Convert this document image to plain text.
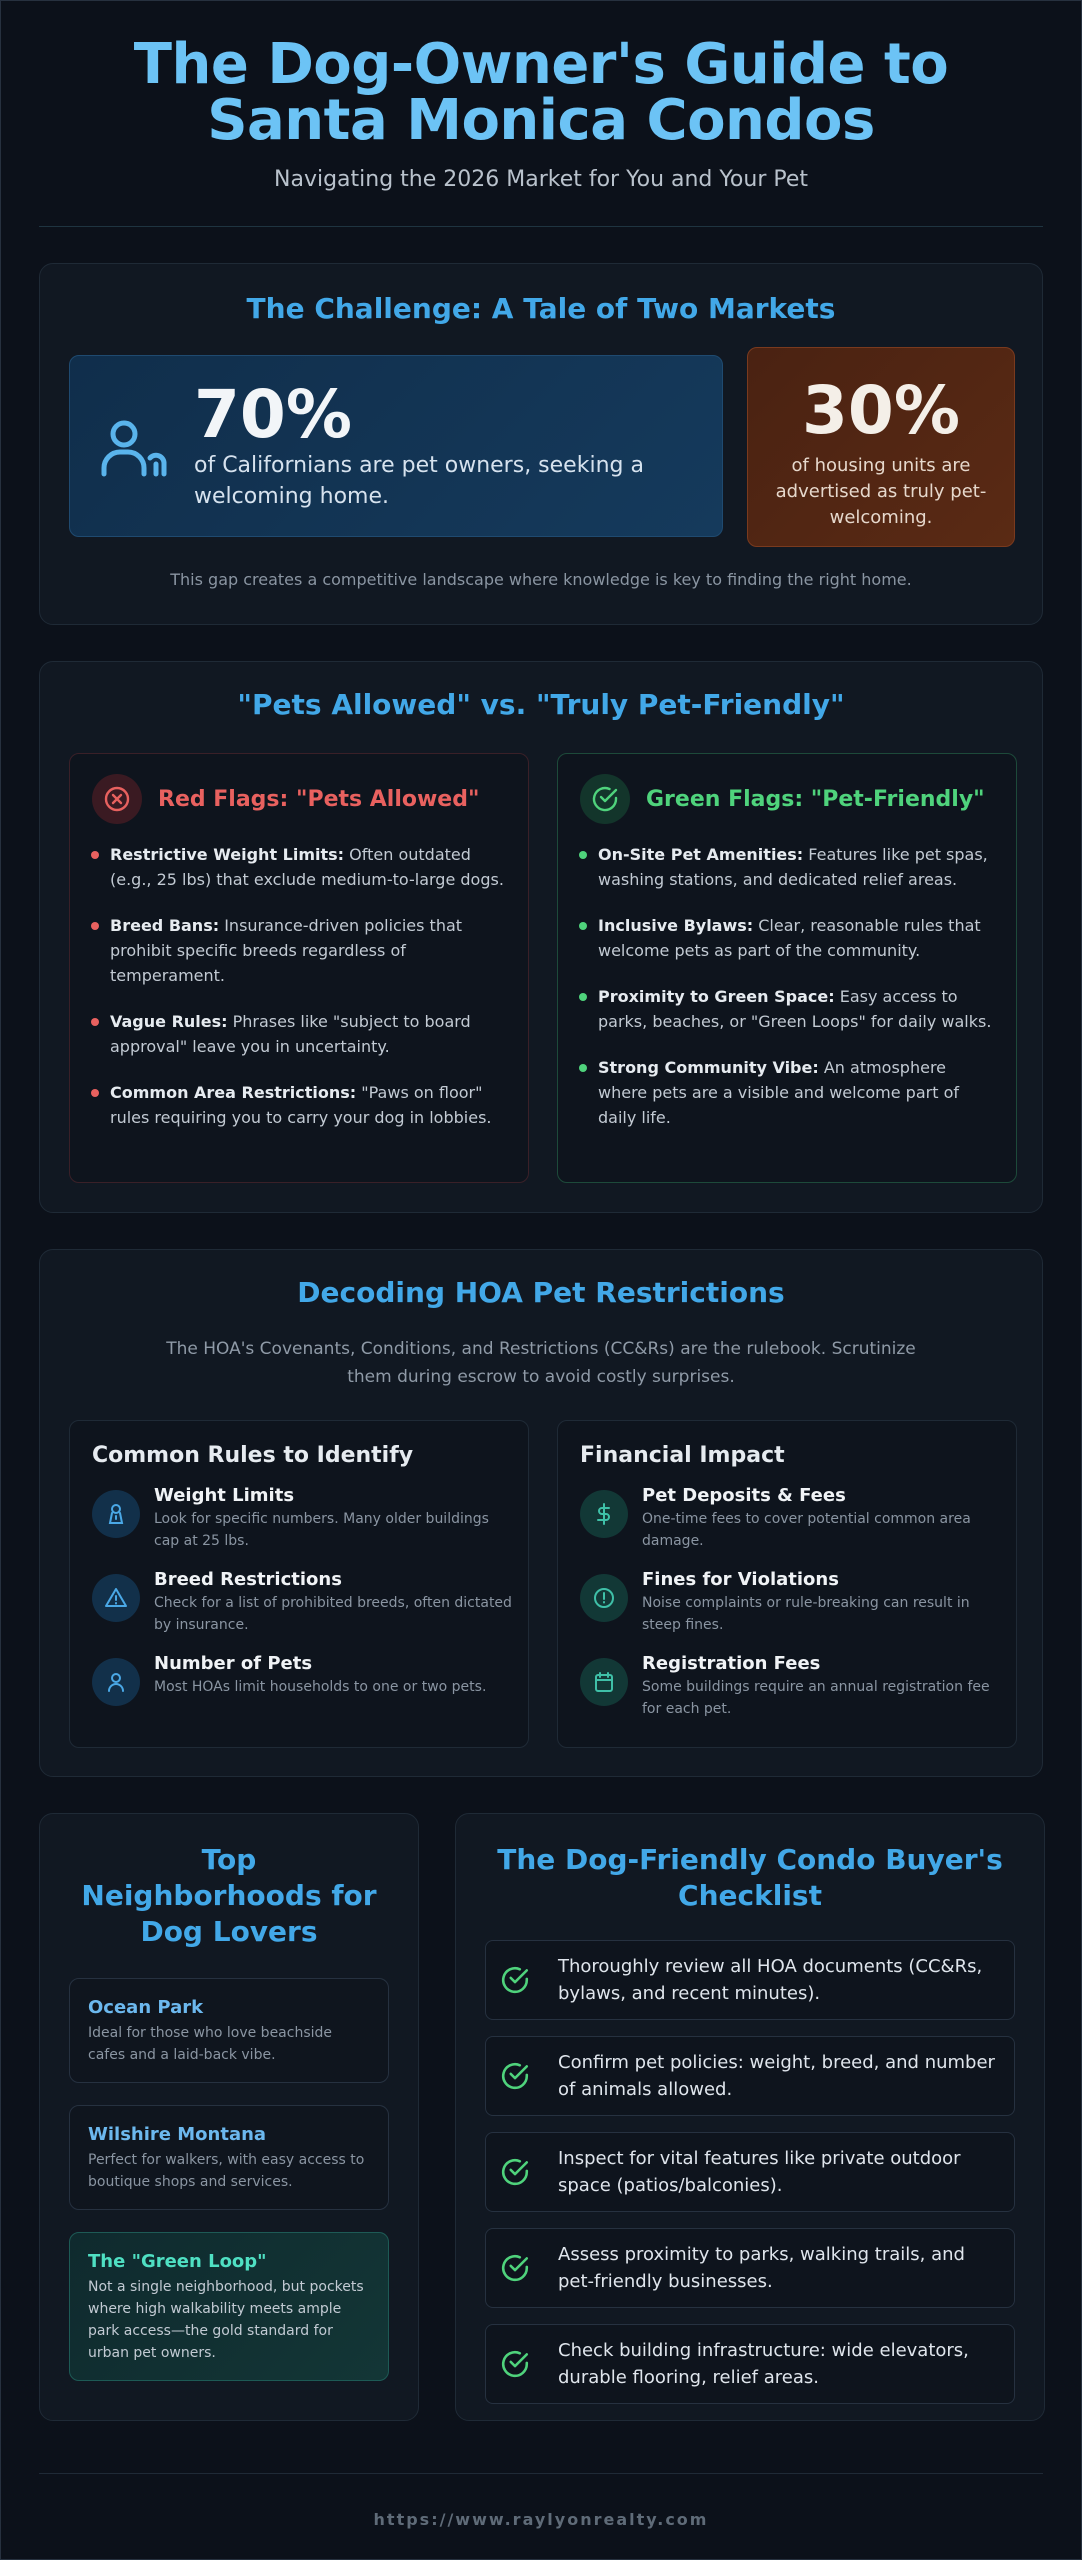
The Dog-Owner's Guide to Santa Monica Condos
Navigating the 2026 Market for You and Your Pet
The Challenge: A Tale of Two Markets
70%
of Californians are pet owners, seeking a welcoming home.
30%
of housing units are advertised as truly pet-welcoming.
This gap creates a competitive landscape where knowledge is key to finding the right home.
"Pets Allowed" vs. "Truly Pet-Friendly"
Red Flags: "Pets Allowed"
Restrictive Weight Limits: Often outdated (e.g., 25 lbs) that exclude medium-to-large dogs.
Breed Bans: Insurance-driven policies that prohibit specific breeds regardless of temperament.
Vague Rules: Phrases like "subject to board approval" leave you in uncertainty.
Common Area Restrictions: "Paws on floor" rules requiring you to carry your dog in lobbies.
Green Flags: "Pet-Friendly"
On-Site Pet Amenities: Features like pet spas, washing stations, and dedicated relief areas.
Inclusive Bylaws: Clear, reasonable rules that welcome pets as part of the community.
Proximity to Green Space: Easy access to parks, beaches, or "Green Loops" for daily walks.
Strong Community Vibe: An atmosphere where pets are a visible and welcome part of daily life.
Decoding HOA Pet Restrictions

The HOA's Covenants, Conditions, and Restrictions (CC&Rs) are the rulebook. Scrutinize them during escrow to avoid costly surprises.

Common Rules to Identify
Weight Limits
Look for specific numbers. Many older buildings cap at 25 lbs.
Breed Restrictions
Check for a list of prohibited breeds, often dictated by insurance.
Number of Pets
Most HOAs limit households to one or two pets.
Financial Impact
Pet Deposits & Fees
One-time fees to cover potential common area damage.
Fines for Violations
Noise complaints or rule-breaking can result in steep fines.
Registration Fees
Some buildings require an annual registration fee for each pet.
Top Neighborhoods for Dog Lovers
Ocean Park
Ideal for those who love beachside cafes and a laid-back vibe.
Wilshire Montana
Perfect for walkers, with easy access to boutique shops and services.
The "Green Loop"
Not a single neighborhood, but pockets where high walkability meets ample park access—the gold standard for urban pet owners.
The Dog-Friendly Condo Buyer's Checklist
Thoroughly review all HOA documents (CC&Rs, bylaws, and recent minutes).
Confirm pet policies: weight, breed, and number of animals allowed.
Inspect for vital features like private outdoor space (patios/balconies).
Assess proximity to parks, walking trails, and pet-friendly businesses.
Check building infrastructure: wide elevators, durable flooring, relief areas.
https://www.raylyonrealty.com
